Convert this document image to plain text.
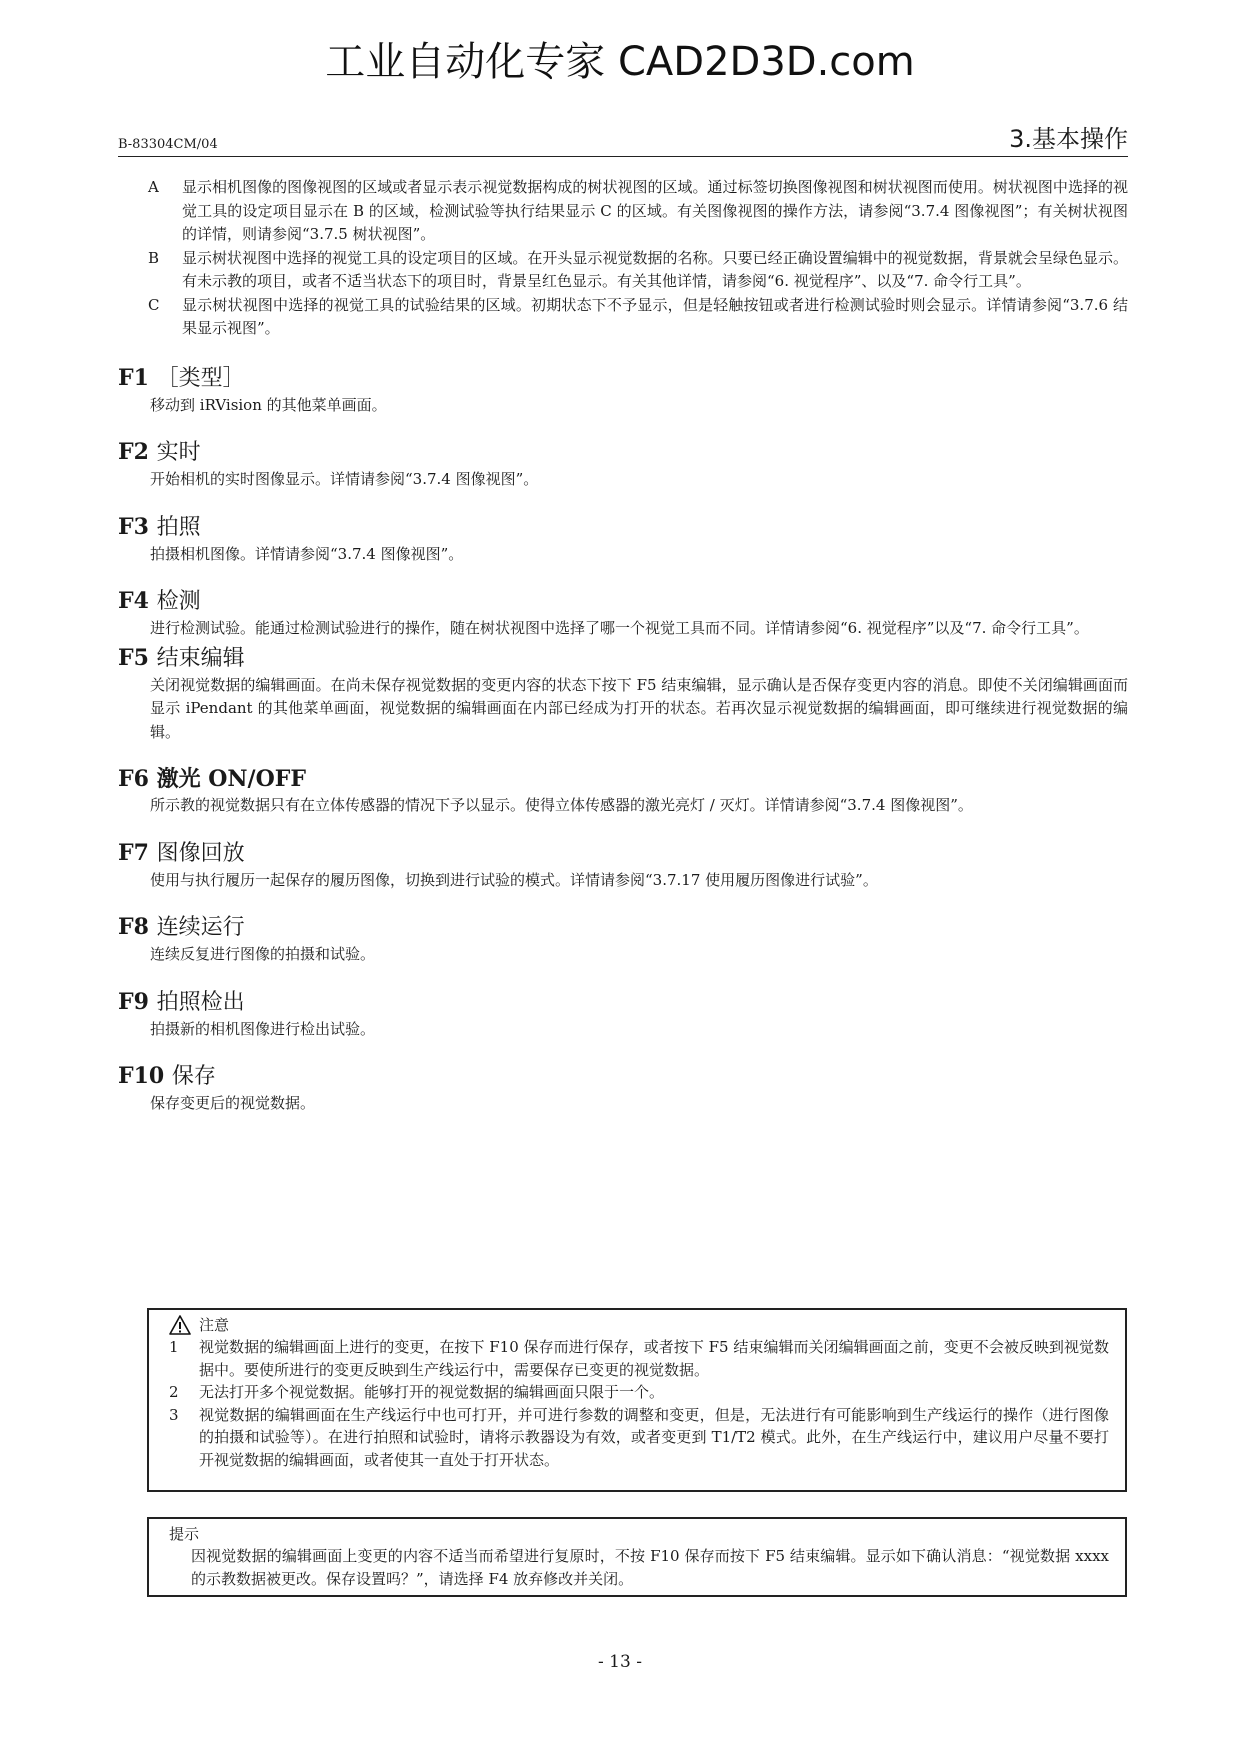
工业自动化专家 CAD2D3D.com
B-83304CM/04	3.基本操作
A	显示相机图像的图像视图的区域或者显示表示视觉数据构成的树状视图的区域。通过标签切换图像视图和树状视图而使用。树状视图中选择的视觉工具的设定项目显示在 B 的区域，检测试验等执行结果显示 C 的区域。有关图像视图的操作方法，请参阅“3.7.4 图像视图”；有关树状视图的详情，则请参阅“3.7.5 树状视图”。
B	显示树状视图中选择的视觉工具的设定项目的区域。在开头显示视觉数据的名称。只要已经正确设置编辑中的视觉数据，背景就会呈绿色显示。有未示教的项目，或者不适当状态下的项目时，背景呈红色显示。有关其他详情，请参阅“6. 视觉程序”、以及“7. 命令行工具”。
C	显示树状视图中选择的视觉工具的试验结果的区域。初期状态下不予显示，但是轻触按钮或者进行检测试验时则会显示。详情请参阅“3.7.6 结果显示视图”。
F1 ［类型］

移动到 iRVision 的其他菜单画面。

F2 实时

开始相机的实时图像显示。详情请参阅“3.7.4 图像视图”。

F3 拍照

拍摄相机图像。详情请参阅“3.7.4 图像视图”。

F4 检测

进行检测试验。能通过检测试验进行的操作，随在树状视图中选择了哪一个视觉工具而不同。详情请参阅“6. 视觉程序”以及“7. 命令行工具”。

F5 结束编辑

关闭视觉数据的编辑画面。在尚未保存视觉数据的变更内容的状态下按下 F5 结束编辑，显示确认是否保存变更内容的消息。即使不关闭编辑画面而显示 iPendant 的其他菜单画面，视觉数据的编辑画面在内部已经成为打开的状态。若再次显示视觉数据的编辑画面，即可继续进行视觉数据的编辑。

F6 激光 ON/OFF

所示教的视觉数据只有在立体传感器的情况下予以显示。使得立体传感器的激光亮灯 / 灭灯。详情请参阅“3.7.4 图像视图”。

F7 图像回放

使用与执行履历一起保存的履历图像，切换到进行试验的模式。详情请参阅“3.7.17 使用履历图像进行试验”。

F8 连续运行

连续反复进行图像的拍摄和试验。

F9 拍照检出

拍摄新的相机图像进行检出试验。

F10 保存

保存变更后的视觉数据。

注意
1	视觉数据的编辑画面上进行的变更，在按下 F10 保存而进行保存，或者按下 F5 结束编辑而关闭编辑画面之前，变更不会被反映到视觉数据中。要使所进行的变更反映到生产线运行中，需要保存已变更的视觉数据。
2	无法打开多个视觉数据。能够打开的视觉数据的编辑画面只限于一个。
3	视觉数据的编辑画面在生产线运行中也可打开，并可进行参数的调整和变更，但是，无法进行有可能影响到生产线运行的操作（进行图像的拍摄和试验等）。在进行拍照和试验时，请将示教器设为有效，或者变更到 T1/T2 模式。此外，在生产线运行中，建议用户尽量不要打开视觉数据的编辑画面，或者使其一直处于打开状态。
提示
因视觉数据的编辑画面上变更的内容不适当而希望进行复原时，不按 F10 保存而按下 F5 结束编辑。显示如下确认消息：“视觉数据 xxxx 的示教数据被更改。保存设置吗？”，请选择 F4 放弃修改并关闭。
- 13 -
